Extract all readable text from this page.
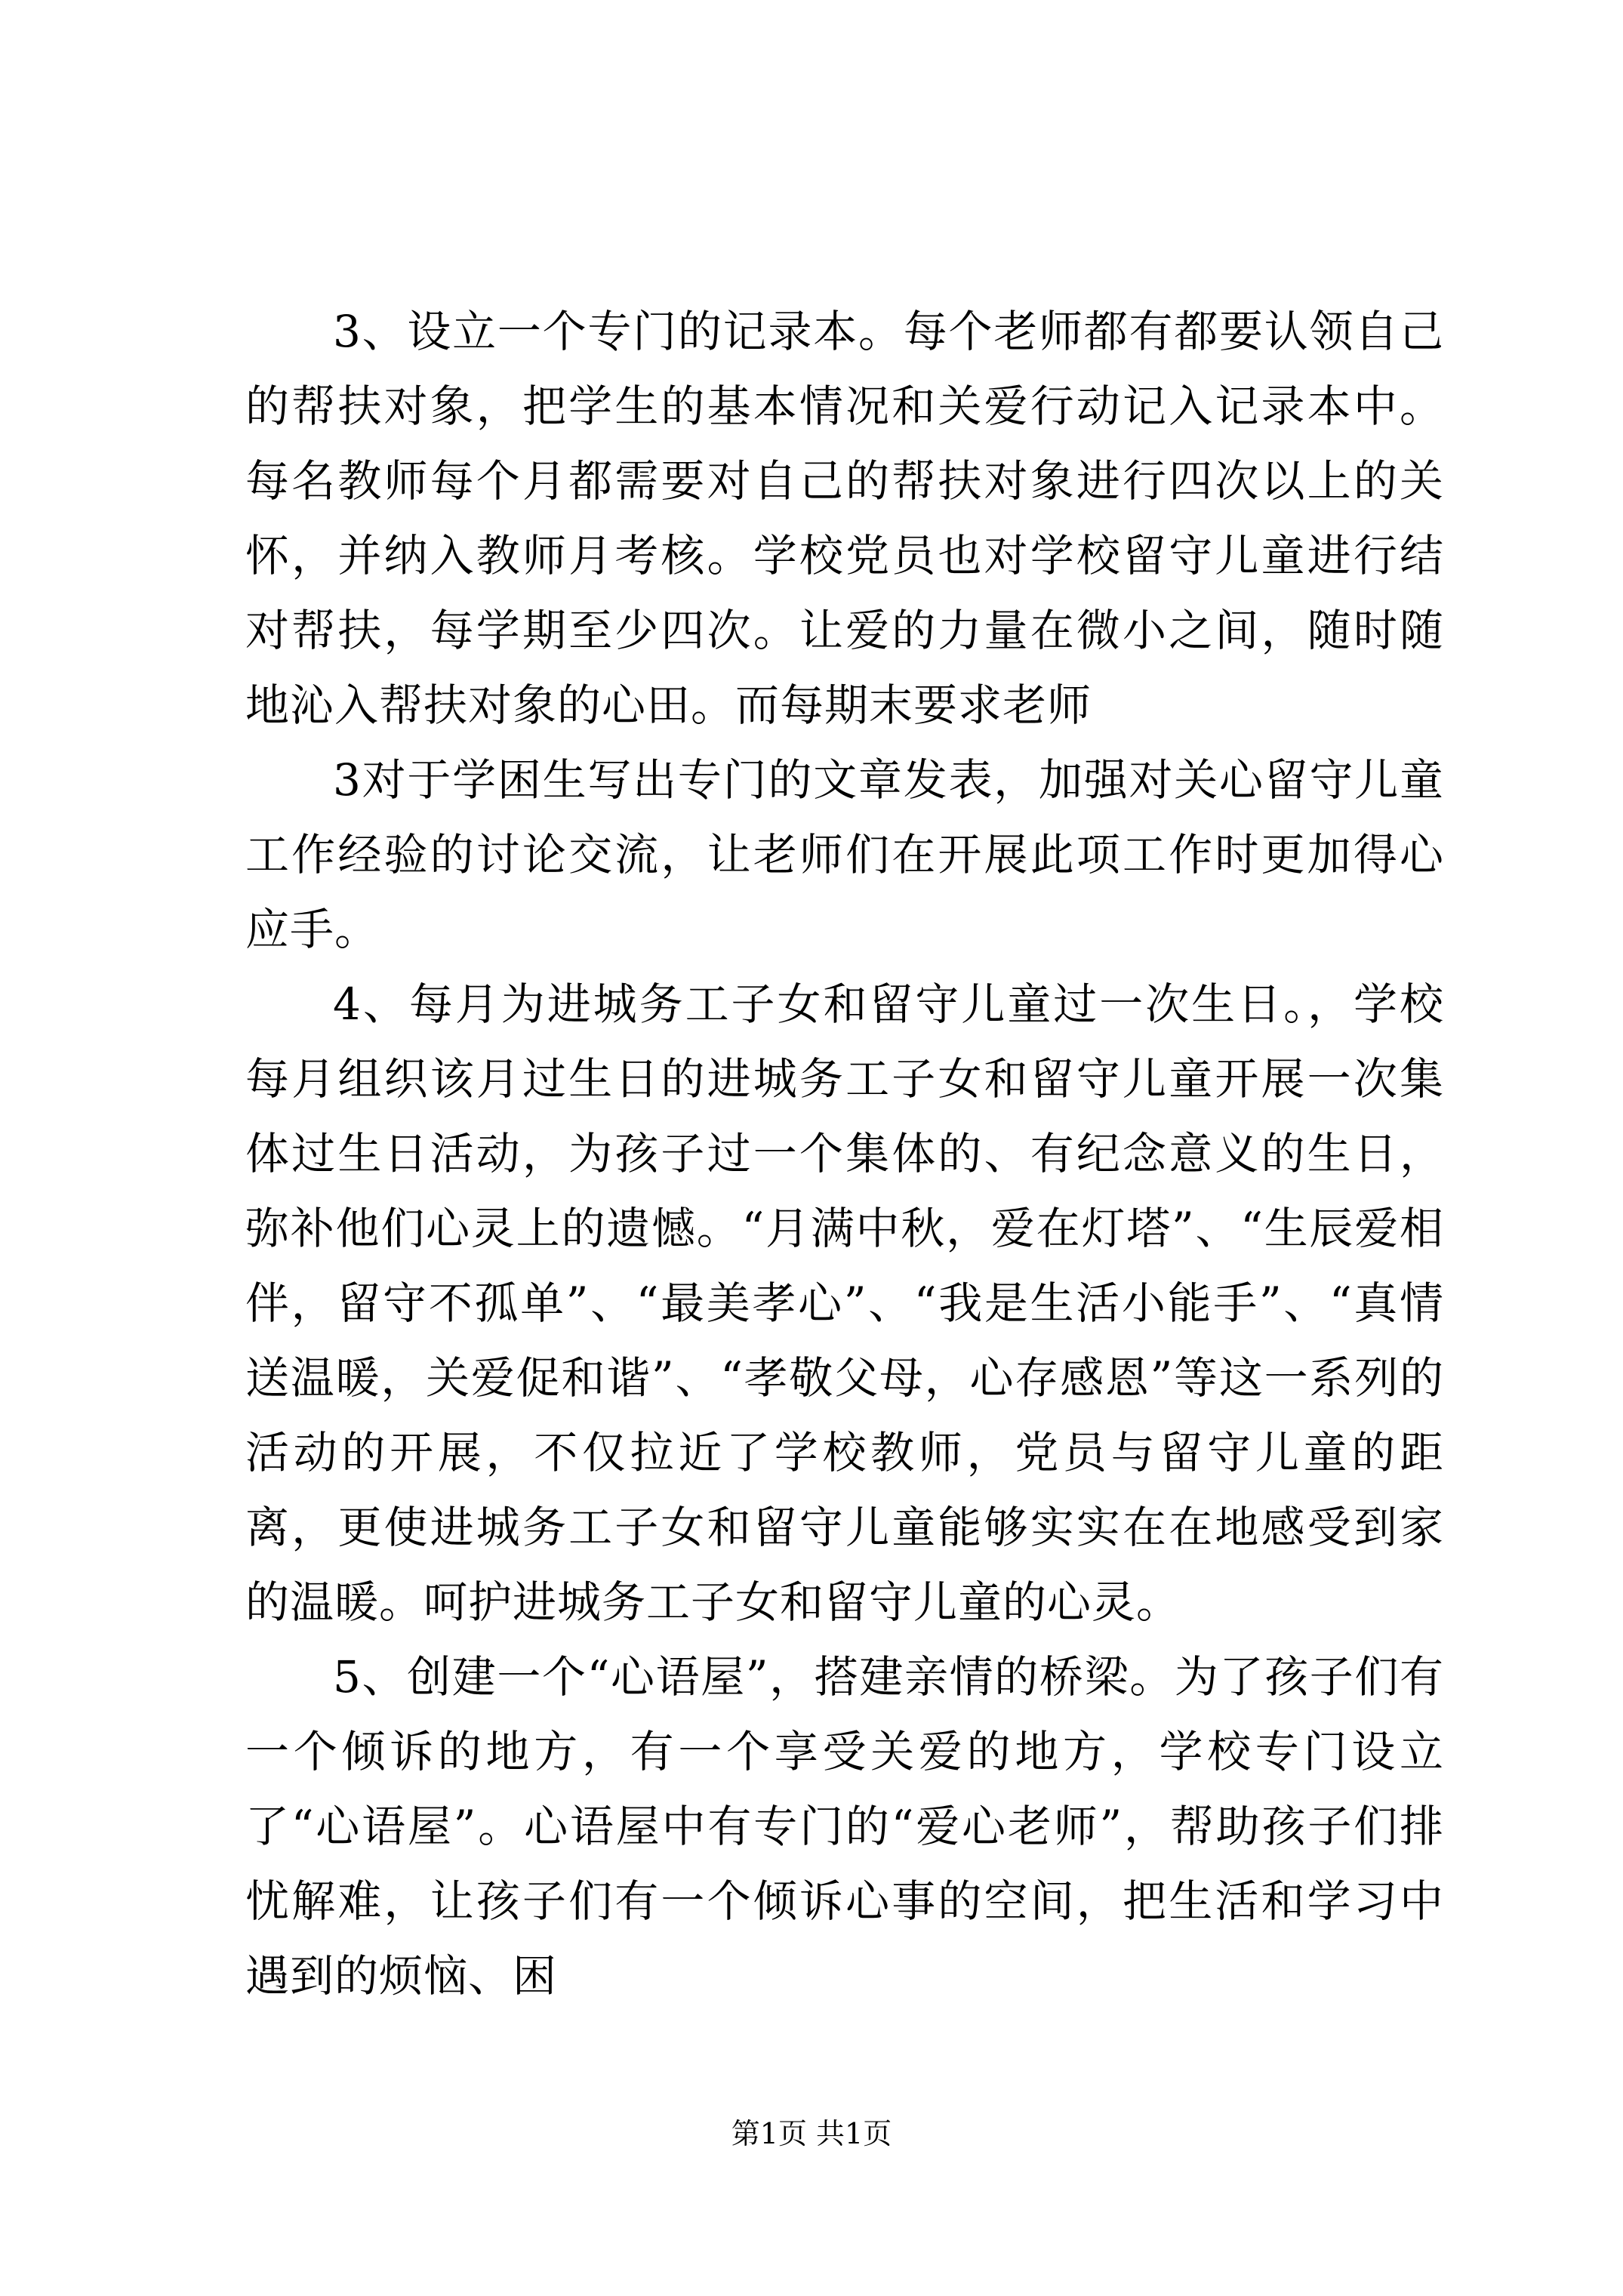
3、设立一个专门的记录本。每个老师都有都要认领自己的帮扶对象，把学生的基本情况和关爱行动记入记录本中。每名教师每个月都需要对自己的帮扶对象进行四次以上的关怀，并纳入教师月考核。学校党员也对学校留守儿童进行结对帮扶，每学期至少四次。让爱的力量在微小之间，随时随地沁入帮扶对象的心田。而每期末要求老师

3对于学困生写出专门的文章发表，加强对关心留守儿童工作经验的讨论交流，让老师们在开展此项工作时更加得心应手。

4、每月为进城务工子女和留守儿童过一次生日。，学校每月组织该月过生日的进城务工子女和留守儿童开展一次集体过生日活动，为孩子过一个集体的、有纪念意义的生日，弥补他们心灵上的遗憾。“月满中秋，爱在灯塔”、“生辰爱相伴，留守不孤单”、“最美孝心”、“我是生活小能手”、“真情送温暖，关爱促和谐”、“孝敬父母，心存感恩”等这一系列的活动的开展，不仅拉近了学校教师，党员与留守儿童的距离，更使进城务工子女和留守儿童能够实实在在地感受到家的温暖。呵护进城务工子女和留守儿童的心灵。

5、创建一个“心语屋”，搭建亲情的桥梁。为了孩子们有一个倾诉的地方，有一个享受关爱的地方，学校专门设立了“心语屋”。心语屋中有专门的“爱心老师”，帮助孩子们排忧解难，让孩子们有一个倾诉心事的空间，把生活和学习中遇到的烦恼、困

第1页 共1页
